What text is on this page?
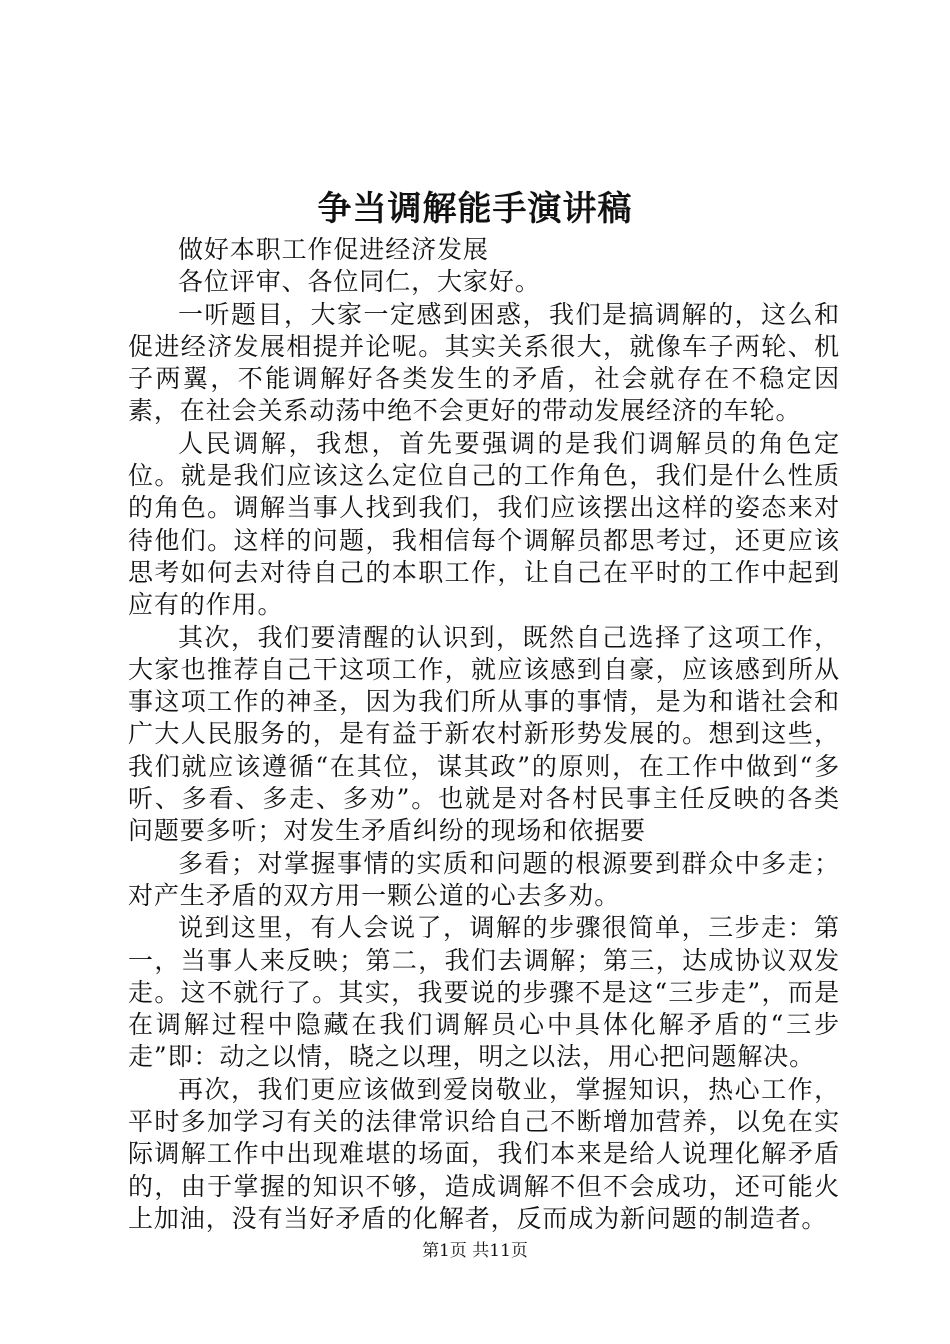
争当调解能手演讲稿

做好本职工作促进经济发展

各位评审、各位同仁，大家好。

一听题目，大家一定感到困惑，我们是搞调解的，这么和促进经济发展相提并论呢。其实关系很大，就像车子两轮、机子两翼，不能调解好各类发生的矛盾，社会就存在不稳定因素，在社会关系动荡中绝不会更好的带动发展经济的车轮。

人民调解，我想，首先要强调的是我们调解员的角色定位。就是我们应该这么定位自己的工作角色，我们是什么性质的角色。调解当事人找到我们，我们应该摆出这样的姿态来对待他们。这样的问题，我相信每个调解员都思考过，还更应该思考如何去对待自己的本职工作，让自己在平时的工作中起到应有的作用。

其次，我们要清醒的认识到，既然自己选择了这项工作，大家也推荐自己干这项工作，就应该感到自豪，应该感到所从事这项工作的神圣，因为我们所从事的事情，是为和谐社会和广大人民服务的，是有益于新农村新形势发展的。想到这些，我们就应该遵循“在其位，谋其政”的原则，在工作中做到“多听、多看、多走、多劝”。也就是对各村民事主任反映的各类问题要多听；对发生矛盾纠纷的现场和依据要

多看；对掌握事情的实质和问题的根源要到群众中多走；对产生矛盾的双方用一颗公道的心去多劝。

说到这里，有人会说了，调解的步骤很简单，三步走：第一，当事人来反映；第二，我们去调解；第三，达成协议双发走。这不就行了。其实，我要说的步骤不是这“三步走”，而是在调解过程中隐藏在我们调解员心中具体化解矛盾的“三步走”即：动之以情，晓之以理，明之以法，用心把问题解决。

再次，我们更应该做到爱岗敬业，掌握知识，热心工作，平时多加学习有关的法律常识给自己不断增加营养，以免在实际调解工作中出现难堪的场面，我们本来是给人说理化解矛盾的，由于掌握的知识不够，造成调解不但不会成功，还可能火上加油，没有当好矛盾的化解者，反而成为新问题的制造者。

第1页 共11页
